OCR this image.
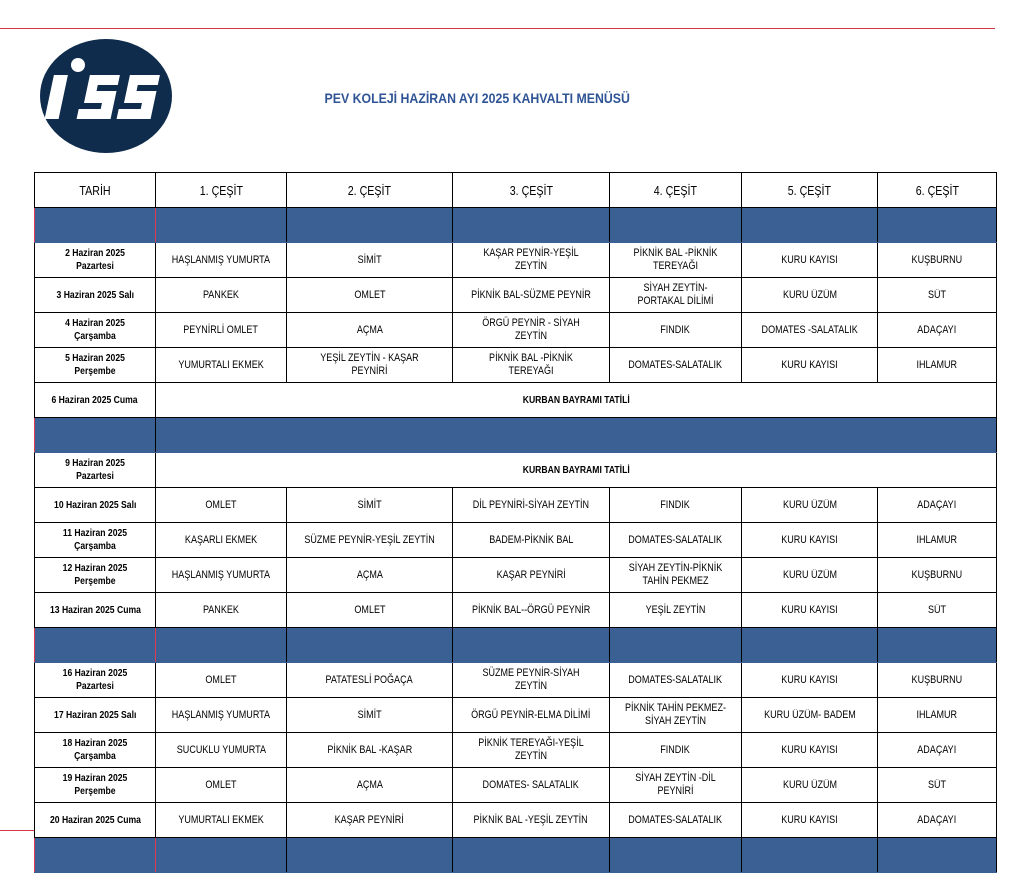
PEV KOLEJİ HAZİRAN AYI 2025 KAHVALTI MENÜSÜ
TARİH	1. ÇEŞİT	2. ÇEŞİT	3. ÇEŞİT	4. ÇEŞİT	5. ÇEŞİT	6. ÇEŞİT

2 Haziran 2025 Pazartesi	HAŞLANMIŞ YUMURTA	SİMİT	KAŞAR PEYNİR-YEŞİL ZEYTİN	PİKNİK BAL -PİKNİK TEREYAĞI	KURU KAYISI	KUŞBURNU
3 Haziran 2025 Salı	PANKEK	OMLET	PİKNİK BAL-SÜZME PEYNİR	SİYAH ZEYTİN-PORTAKAL DİLİMİ	KURU ÜZÜM	SÜT
4 Haziran 2025 Çarşamba	PEYNİRLİ OMLET	AÇMA	ÖRGÜ PEYNİR - SİYAH ZEYTİN	FINDIK	DOMATES -SALATALIK	ADAÇAYI
5 Haziran 2025 Perşembe	YUMURTALI EKMEK	YEŞİL ZEYTİN - KAŞAR PEYNİRİ	PİKNİK BAL -PİKNİK TEREYAĞI	DOMATES-SALATALIK	KURU KAYISI	IHLAMUR
6 Haziran 2025 Cuma	KURBAN BAYRAMI TATİLİ					

9 Haziran 2025 Pazartesi	KURBAN BAYRAMI TATİLİ					
10 Haziran 2025 Salı	OMLET	SİMİT	DİL PEYNİRİ-SİYAH ZEYTİN	FINDIK	KURU ÜZÜM	ADAÇAYI
11 Haziran 2025 Çarşamba	KAŞARLI EKMEK	SÜZME PEYNİR-YEŞİL ZEYTİN	BADEM-PİKNİK BAL	DOMATES-SALATALIK	KURU KAYISI	IHLAMUR
12 Haziran 2025 Perşembe	HAŞLANMIŞ YUMURTA	AÇMA	KAŞAR PEYNİRİ	SİYAH ZEYTİN-PİKNİK TAHİN PEKMEZ	KURU ÜZÜM	KUŞBURNU
13 Haziran 2025 Cuma	PANKEK	OMLET	PİKNİK BAL--ÖRGÜ PEYNİR	YEŞİL ZEYTİN	KURU KAYISI	SÜT

16 Haziran 2025 Pazartesi	OMLET	PATATESLİ POĞAÇA	SÜZME PEYNİR-SİYAH ZEYTİN	DOMATES-SALATALIK	KURU KAYISI	KUŞBURNU
17 Haziran 2025 Salı	HAŞLANMIŞ YUMURTA	SİMİT	ÖRGÜ PEYNİR-ELMA DİLİMİ	PİKNİK TAHİN PEKMEZ- SİYAH ZEYTİN	KURU ÜZÜM- BADEM	IHLAMUR
18 Haziran 2025 Çarşamba	SUCUKLU YUMURTA	PİKNİK BAL -KAŞAR	PİKNİK TEREYAĞI-YEŞİL ZEYTİN	FINDIK	KURU KAYISI	ADAÇAYI
19 Haziran 2025 Perşembe	OMLET	AÇMA	DOMATES- SALATALIK	SİYAH ZEYTİN -DİL PEYNİRİ	KURU ÜZÜM	SÜT
20 Haziran 2025 Cuma	YUMURTALI EKMEK	KAŞAR PEYNİRİ	PİKNİK BAL -YEŞİL ZEYTİN	DOMATES-SALATALIK	KURU KAYISI	ADAÇAYI
